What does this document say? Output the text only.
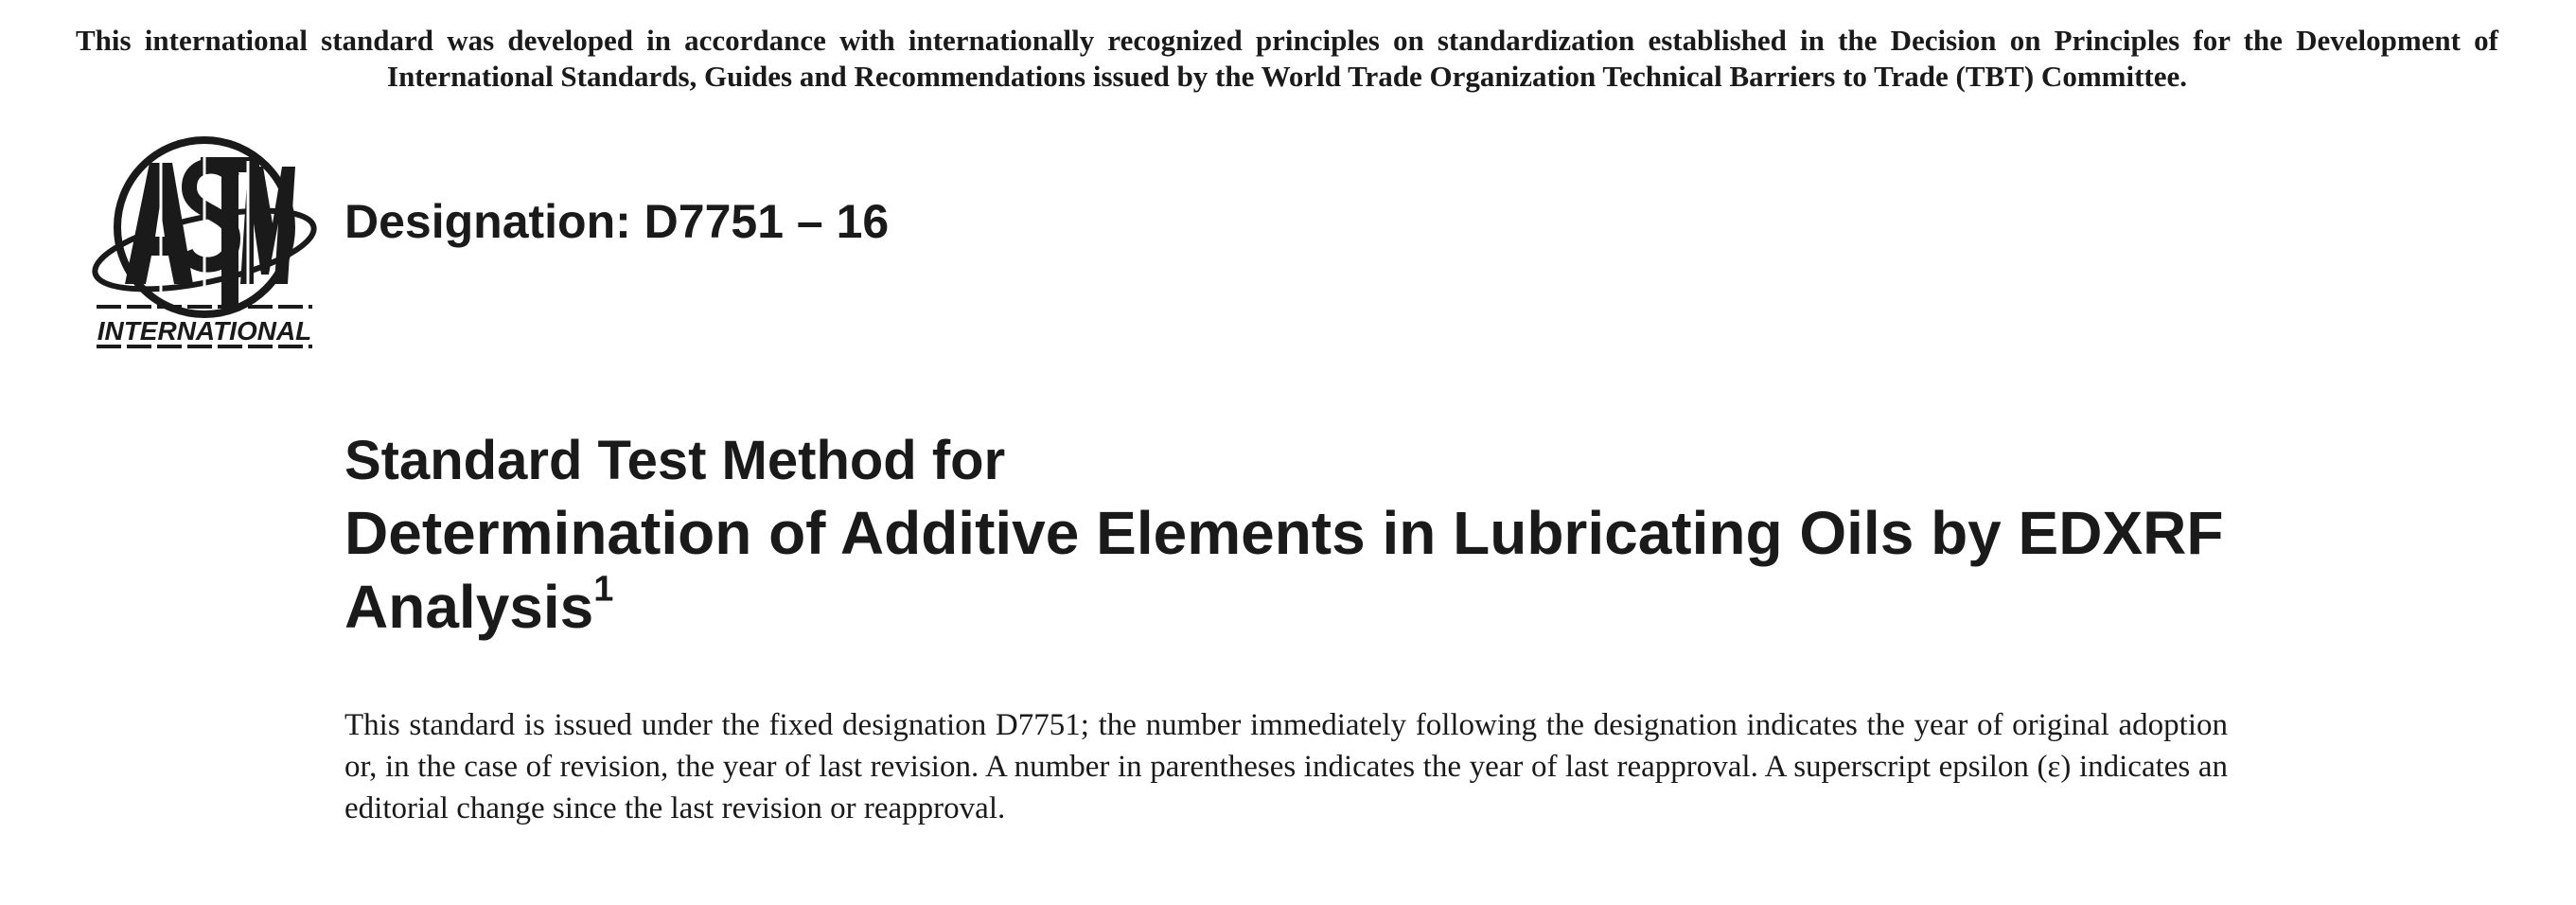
This international standard was developed in accordance with internationally recognized principles on standardization established in the Decision on Principles for the Development of International Standards, Guides and Recommendations issued by the World Trade Organization Technical Barriers to Trade (TBT) Committee.

INTERNATIONAL
Designation: D7751 – 16
Standard Test Method for
Determination of Additive Elements in Lubricating Oils by EDXRF Analysis$^1$

This standard is issued under the fixed designation D7751; the number immediately following the designation indicates the year of original adoption or, in the case of revision, the year of last revision. A number in parentheses indicates the year of last reapproval. A superscript epsilon (ε) indicates an editorial change since the last revision or reapproval.
